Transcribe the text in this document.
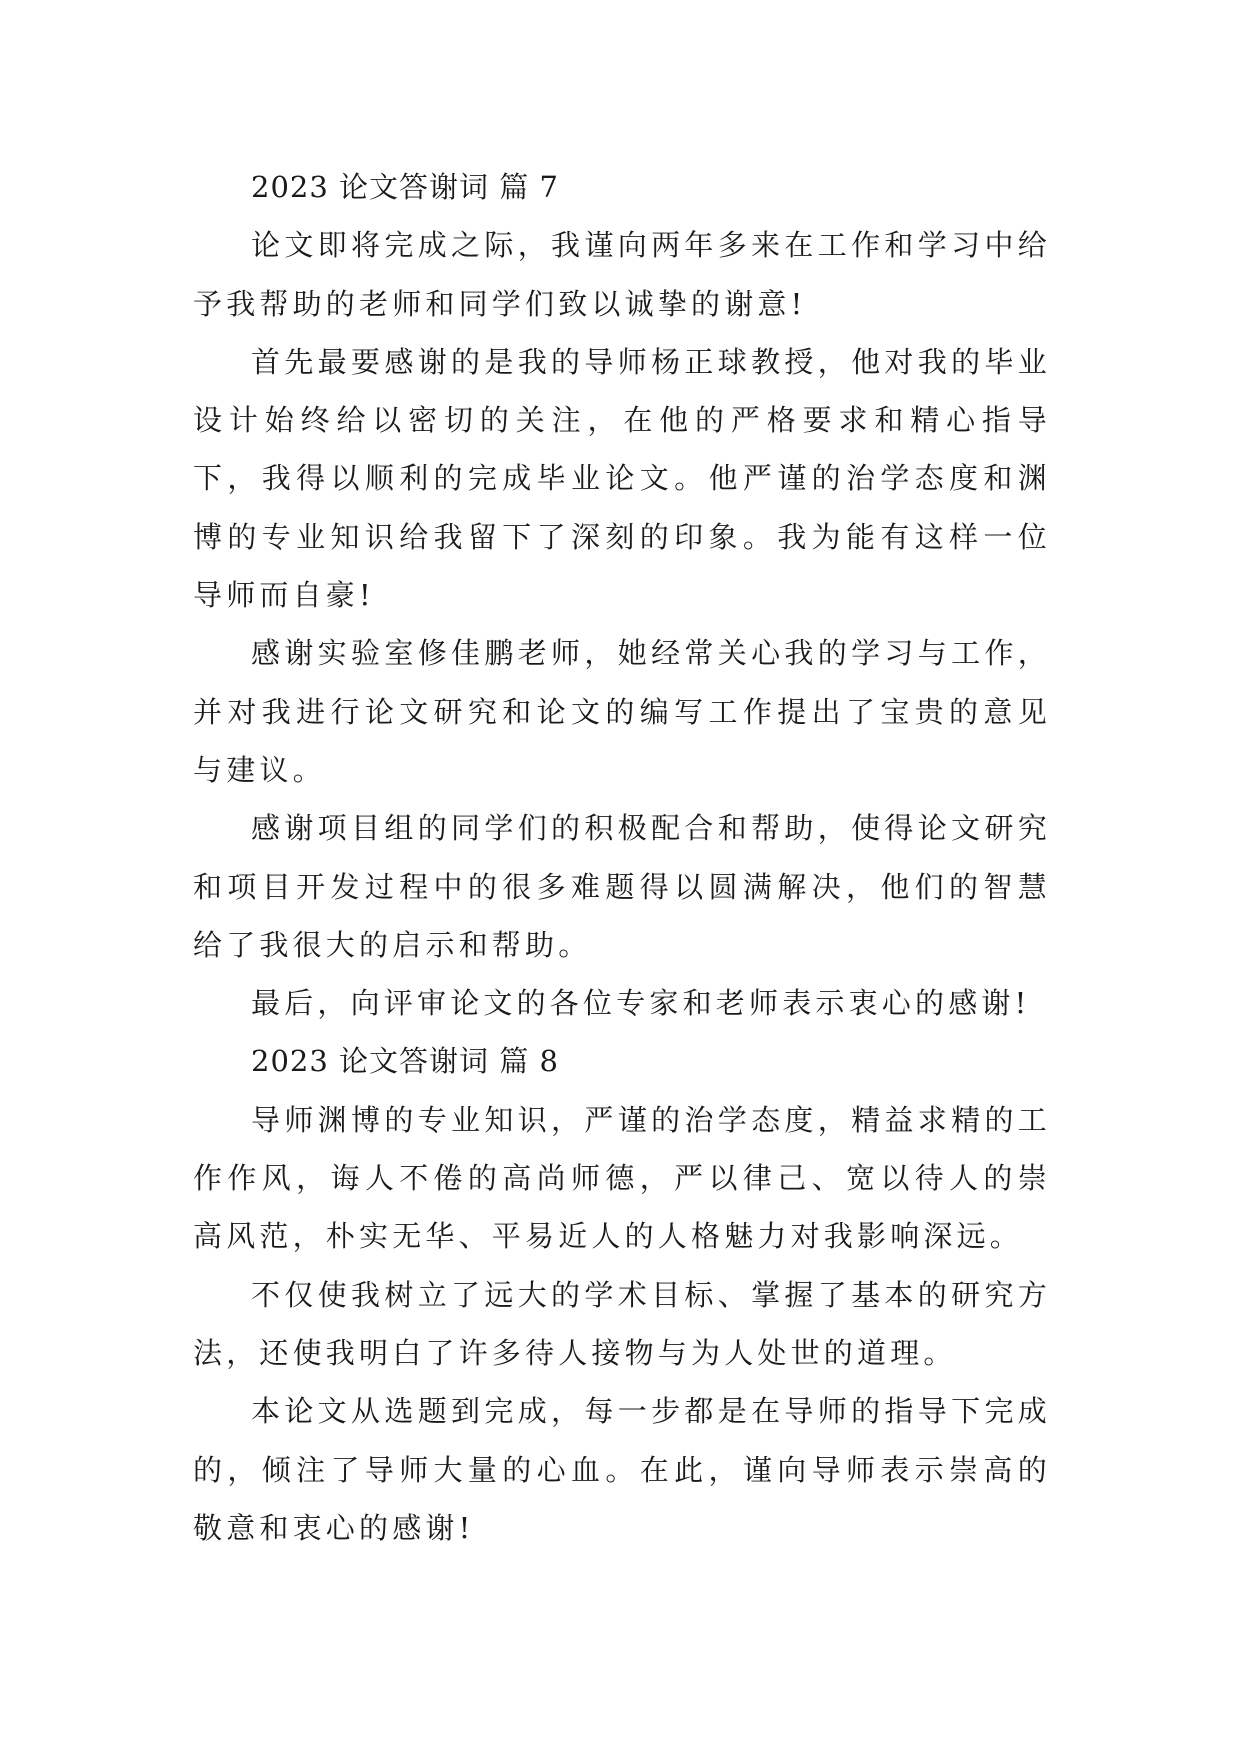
2023 论文答谢词 篇 7

论文即将完成之际，我谨向两年多来在工作和学习中给予我帮助的老师和同学们致以诚挚的谢意!

首先最要感谢的是我的导师杨正球教授，他对我的毕业设计始终给以密切的关注，在他的严格要求和精心指导下，我得以顺利的完成毕业论文。他严谨的治学态度和渊博的专业知识给我留下了深刻的印象。我为能有这样一位导师而自豪!

感谢实验室修佳鹏老师，她经常关心我的学习与工作，并对我进行论文研究和论文的编写工作提出了宝贵的意见与建议。

感谢项目组的同学们的积极配合和帮助，使得论文研究和项目开发过程中的很多难题得以圆满解决，他们的智慧给了我很大的启示和帮助。

最后，向评审论文的各位专家和老师表示衷心的感谢!

2023 论文答谢词 篇 8

导师渊博的专业知识，严谨的治学态度，精益求精的工作作风，诲人不倦的高尚师德，严以律己、宽以待人的崇高风范，朴实无华、平易近人的人格魅力对我影响深远。

不仅使我树立了远大的学术目标、掌握了基本的研究方法，还使我明白了许多待人接物与为人处世的道理。

本论文从选题到完成，每一步都是在导师的指导下完成的，倾注了导师大量的心血。在此，谨向导师表示崇高的敬意和衷心的感谢!
